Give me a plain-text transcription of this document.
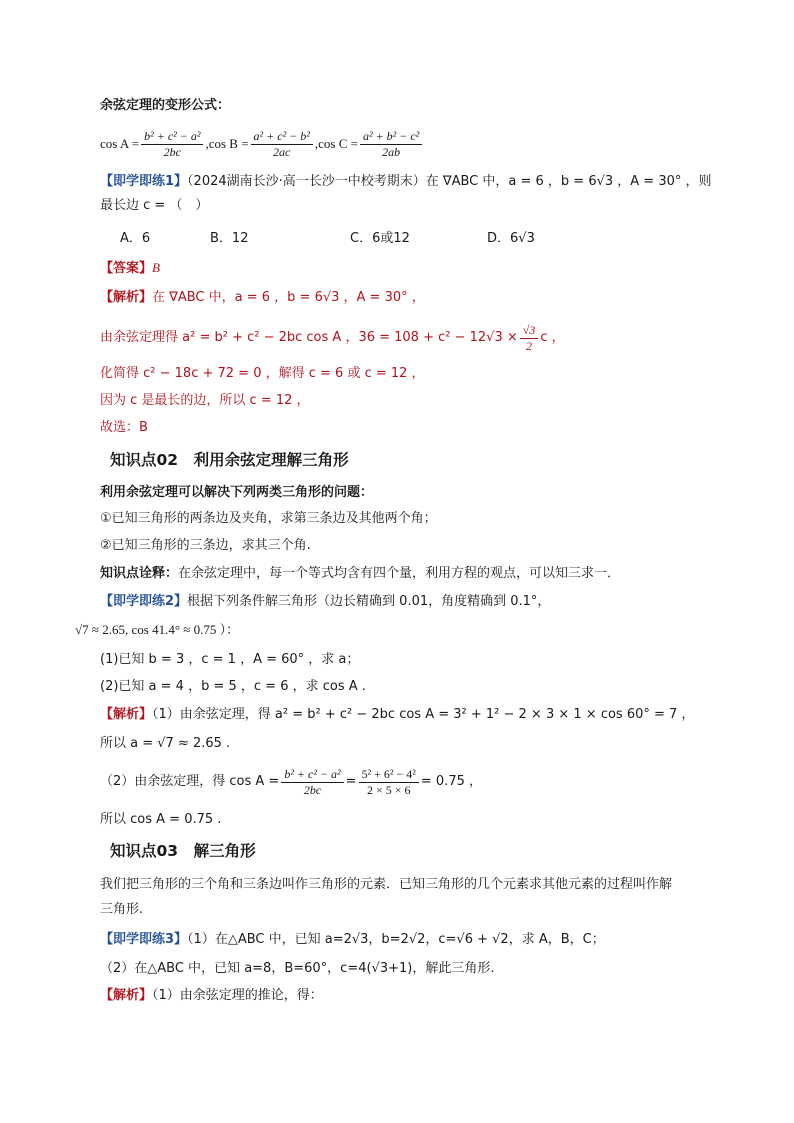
余弦定理的变形公式：
$\cos A = \frac{\text{b² + c² − a²}}{2bc} ,\cos$ $B = \frac{\text{a² + c² − b²}}{2ac} ,\cos$ $C = \frac{\text{a² + b² − c²}}{2ab}$
【即学即练1】（2024湖南长沙·高一长沙一中校考期末）在 ∇ABC 中，a = 6 ，b = 6√3 ，A = 30° ，则
最长边 c = （　）
A．6	B．12	C．6或12	D．6√3
【答案】B
【解析】在 ∇ABC 中，a = 6 ，b = 6√3 ，A = 30° ，
由余弦定理得 a² = b² + c² − 2bc cos A ，$36 = 108 + c^2 - 12√3 \times \frac{√3}{2}$ c ，
化简得 c² − 18c + 72 = 0 ，解得 c = 6 或 c = 12 ，
因为 c 是最长的边，所以 c = 12 ，
故选：B
知识点02　利用余弦定理解三角形
利用余弦定理可以解决下列两类三角形的问题：
①已知三角形的两条边及夹角，求第三条边及其他两个角；
②已知三角形的三条边，求其三个角.
知识点诠释：在余弦定理中，每一个等式均含有四个量，利用方程的观点，可以知三求一．
【即学即练2】根据下列条件解三角形（边长精确到 0.01，角度精确到 0.1°，
√7 ≈ 2.65, cos 41.4° ≈ 0.75 ）：
(1)已知 b = 3 ，c = 1 ，A = 60° ，求 a；
(2)已知 a = 4 ，b = 5 ，c = 6 ，求 cos A .
【解析】（1）由余弦定理，得 a² = b² + c² − 2bc cos A = 3² + 1² − 2 × 3 × 1 × cos 60° = 7 ，
所以 a = √7 ≈ 2.65 .
（2）由余弦定理，得 $\cos A = \frac{\text{b² + c² − a²}}{2bc} = \frac{\text{5² + 6² − 4²}}{2 \times 5 \times 6} = 0.75$ ，
所以 cos A = 0.75 .
知识点03　解三角形
我们把三角形的三个角和三条边叫作三角形的元素．已知三角形的几个元素求其他元素的过程叫作解
三角形.
【即学即练3】（1）在△ABC 中，已知 a=2√3，b=2√2，c=√6 + √2，求 A，B，C；
（2）在△ABC 中，已知 a=8，B=60°，c=4(√3+1)，解此三角形.
【解析】（1）由余弦定理的推论，得：
